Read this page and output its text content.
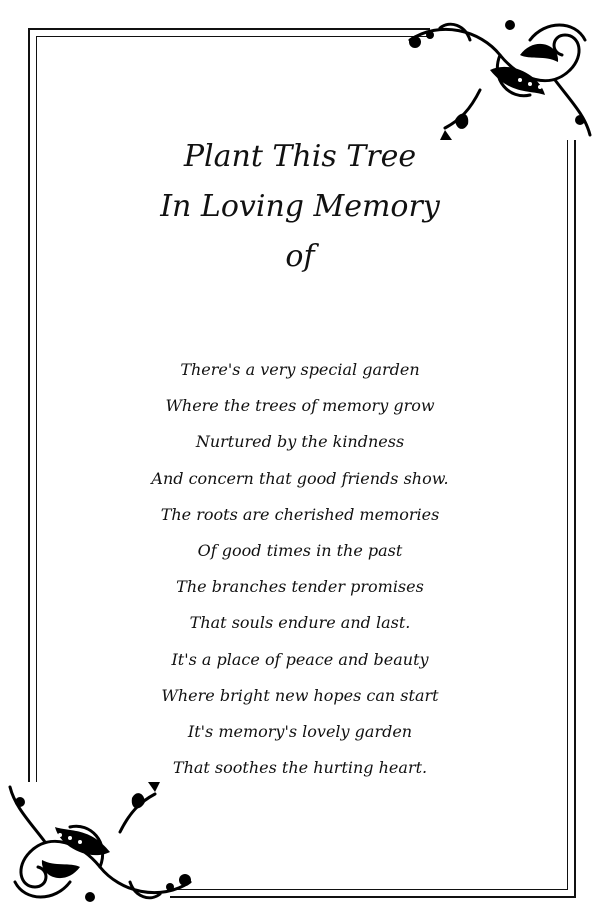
Plant This Tree
In Loving Memory
of
There's a very special garden
Where the trees of memory grow
Nurtured by the kindness
And concern that good friends show.
The roots are cherished memories
Of good times in the past
The branches tender promises
That souls endure and last.
It's a place of peace and beauty
Where bright new hopes can start
It's memory's lovely garden
That soothes the hurting heart.
